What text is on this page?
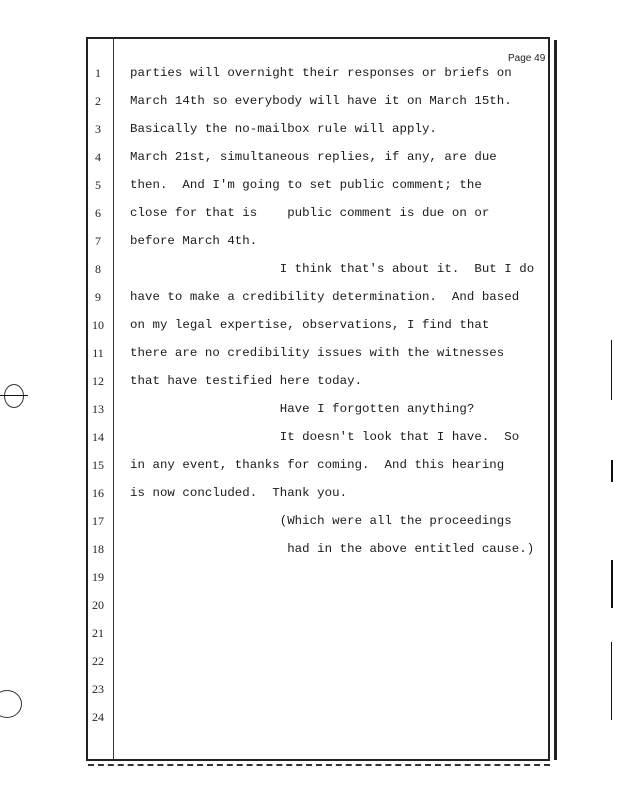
Page 49
1
2
3
4
5
6
7
8
9
10
11
12
13
14
15
16
17
18
19
20
21
22
23
24
parties will overnight their responses or briefs on
March 14th so everybody will have it on March 15th.
Basically the no-mailbox rule will apply.
March 21st, simultaneous replies, if any, are due
then.  And I'm going to set public comment; the
close for that is    public comment is due on or
before March 4th.
I think that's about it.  But I do
have to make a credibility determination.  And based
on my legal expertise, observations, I find that
there are no credibility issues with the witnesses
that have testified here today.
Have I forgotten anything?
It doesn't look that I have.  So
in any event, thanks for coming.  And this hearing
is now concluded.  Thank you.
(Which were all the proceedings
had in the above entitled cause.)
